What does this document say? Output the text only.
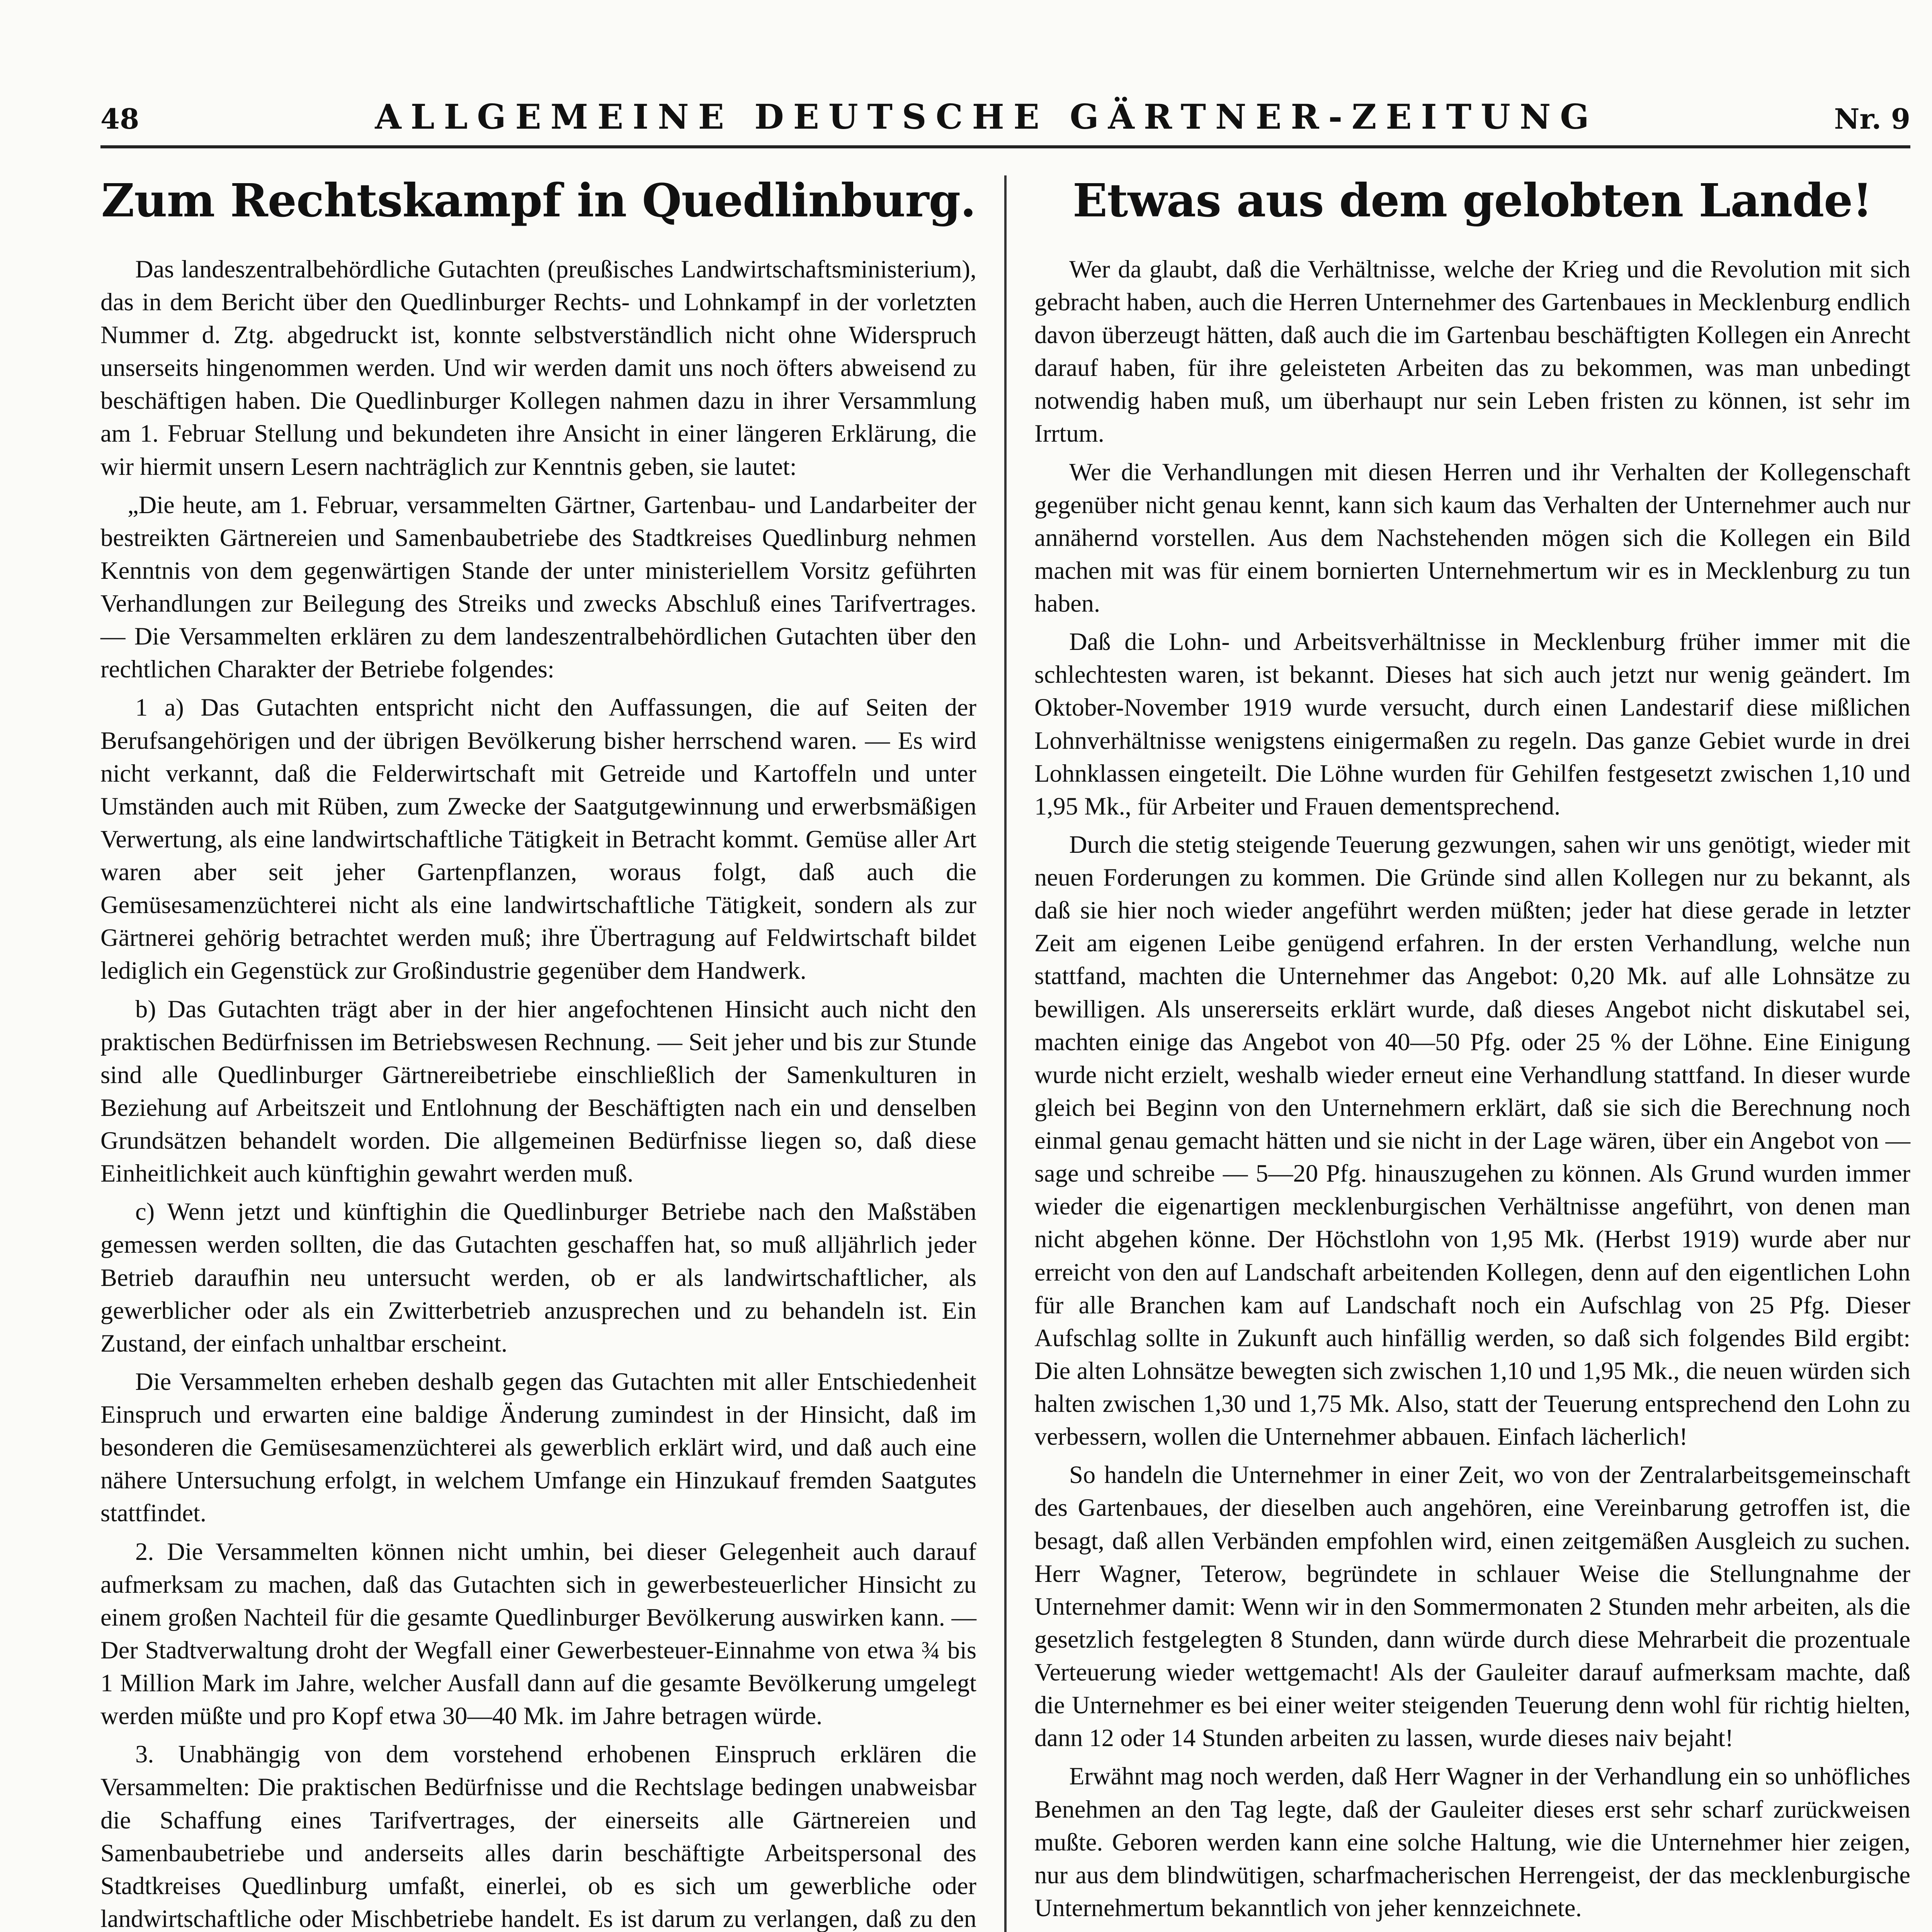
48	ALLGEMEINE DEUTSCHE GÄRTNER-ZEITUNG	Nr. 9
Zum Rechtskampf in Quedlinburg.

Das landeszentralbehördliche Gutachten (preußisches Landwirtschaftsministerium), das in dem Bericht über den Quedlinburger Rechts- und Lohnkampf in der vorletzten Nummer d. Ztg. abgedruckt ist, konnte selbstverständlich nicht ohne Widerspruch unserseits hingenommen werden. Und wir werden damit uns noch öfters abweisend zu beschäftigen haben. Die Quedlinburger Kollegen nahmen dazu in ihrer Versammlung am 1. Februar Stellung und bekundeten ihre Ansicht in einer längeren Erklärung, die wir hiermit unsern Lesern nachträglich zur Kenntnis geben, sie lautet:

„Die heute, am 1. Februar, versammelten Gärtner, Gartenbau- und Landarbeiter der bestreikten Gärtnereien und Samenbaubetriebe des Stadtkreises Quedlinburg nehmen Kenntnis von dem gegenwärtigen Stande der unter ministeriellem Vorsitz geführten Verhandlungen zur Beilegung des Streiks und zwecks Abschluß eines Tarifvertrages. — Die Versammelten erklären zu dem landeszentralbehördlichen Gutachten über den rechtlichen Charakter der Betriebe folgendes:

1 a) Das Gutachten entspricht nicht den Auffassungen, die auf Seiten der Berufsangehörigen und der übrigen Bevölkerung bisher herrschend waren. — Es wird nicht verkannt, daß die Felderwirtschaft mit Getreide und Kartoffeln und unter Umständen auch mit Rüben, zum Zwecke der Saatgutgewinnung und erwerbsmäßigen Verwertung, als eine landwirtschaftliche Tätigkeit in Betracht kommt. Gemüse aller Art waren aber seit jeher Gartenpflanzen, woraus folgt, daß auch die Gemüsesamenzüchterei nicht als eine landwirtschaftliche Tätigkeit, sondern als zur Gärtnerei gehörig betrachtet werden muß; ihre Übertragung auf Feldwirtschaft bildet lediglich ein Gegenstück zur Großindustrie gegenüber dem Handwerk.

b) Das Gutachten trägt aber in der hier angefochtenen Hinsicht auch nicht den praktischen Bedürfnissen im Betriebswesen Rechnung. — Seit jeher und bis zur Stunde sind alle Quedlinburger Gärtnereibetriebe einschließlich der Samenkulturen in Beziehung auf Arbeitszeit und Entlohnung der Beschäftigten nach ein und denselben Grundsätzen behandelt worden. Die allgemeinen Bedürfnisse liegen so, daß diese Einheitlichkeit auch künftighin gewahrt werden muß.

c) Wenn jetzt und künftighin die Quedlinburger Betriebe nach den Maßstäben gemessen werden sollten, die das Gutachten geschaffen hat, so muß alljährlich jeder Betrieb daraufhin neu untersucht werden, ob er als landwirtschaftlicher, als gewerblicher oder als ein Zwitterbetrieb anzusprechen und zu behandeln ist. Ein Zustand, der einfach unhaltbar erscheint.

Die Versammelten erheben deshalb gegen das Gutachten mit aller Entschiedenheit Einspruch und erwarten eine baldige Änderung zumindest in der Hinsicht, daß im besonderen die Gemüsesamenzüchterei als gewerblich erklärt wird, und daß auch eine nähere Untersuchung erfolgt, in welchem Umfange ein Hinzukauf fremden Saatgutes stattfindet.

2. Die Versammelten können nicht umhin, bei dieser Gelegenheit auch darauf aufmerksam zu machen, daß das Gutachten sich in gewerbesteuerlicher Hinsicht zu einem großen Nachteil für die gesamte Quedlinburger Bevölkerung auswirken kann. — Der Stadtverwaltung droht der Wegfall einer Gewerbesteuer-Einnahme von etwa ¾ bis 1 Million Mark im Jahre, welcher Ausfall dann auf die gesamte Bevölkerung umgelegt werden müßte und pro Kopf etwa 30—40 Mk. im Jahre betragen würde.

3. Unabhängig von dem vorstehend erhobenen Einspruch erklären die Versammelten: Die praktischen Bedürfnisse und die Rechtslage bedingen unabweisbar die Schaffung eines Tarifvertrages, der einerseits alle Gärtnereien und Samenbaubetriebe und anderseits alles darin beschäftigte Arbeitspersonal des Stadtkreises Quedlinburg umfaßt, einerlei, ob es sich um gewerbliche oder landwirtschaftliche oder Mischbetriebe handelt. Es ist darum zu verlangen, daß zu den

Etwas aus dem gelobten Lande!

Wer da glaubt, daß die Verhältnisse, welche der Krieg und die Revolution mit sich gebracht haben, auch die Herren Unternehmer des Gartenbaues in Mecklenburg endlich davon überzeugt hätten, daß auch die im Gartenbau beschäftigten Kollegen ein Anrecht darauf haben, für ihre geleisteten Arbeiten das zu bekommen, was man unbedingt notwendig haben muß, um überhaupt nur sein Leben fristen zu können, ist sehr im Irrtum.

Wer die Verhandlungen mit diesen Herren und ihr Verhalten der Kollegenschaft gegenüber nicht genau kennt, kann sich kaum das Verhalten der Unternehmer auch nur annähernd vorstellen. Aus dem Nachstehenden mögen sich die Kollegen ein Bild machen mit was für einem bornierten Unternehmertum wir es in Mecklenburg zu tun haben.

Daß die Lohn- und Arbeitsverhältnisse in Mecklenburg früher immer mit die schlechtesten waren, ist bekannt. Dieses hat sich auch jetzt nur wenig geändert. Im Oktober-November 1919 wurde versucht, durch einen Landestarif diese mißlichen Lohnverhältnisse wenigstens einigermaßen zu regeln. Das ganze Gebiet wurde in drei Lohnklassen eingeteilt. Die Löhne wurden für Gehilfen festgesetzt zwischen 1,10 und 1,95 Mk., für Arbeiter und Frauen dementsprechend.

Durch die stetig steigende Teuerung gezwungen, sahen wir uns genötigt, wieder mit neuen Forderungen zu kommen. Die Gründe sind allen Kollegen nur zu bekannt, als daß sie hier noch wieder angeführt werden müßten; jeder hat diese gerade in letzter Zeit am eigenen Leibe genügend erfahren. In der ersten Verhandlung, welche nun stattfand, machten die Unternehmer das Angebot: 0,20 Mk. auf alle Lohnsätze zu bewilligen. Als unsererseits erklärt wurde, daß dieses Angebot nicht diskutabel sei, machten einige das Angebot von 40—50 Pfg. oder 25 % der Löhne. Eine Einigung wurde nicht erzielt, weshalb wieder erneut eine Verhandlung stattfand. In dieser wurde gleich bei Beginn von den Unternehmern erklärt, daß sie sich die Berechnung noch einmal genau gemacht hätten und sie nicht in der Lage wären, über ein Angebot von — sage und schreibe — 5—20 Pfg. hinauszugehen zu können. Als Grund wurden immer wieder die eigenartigen mecklenburgischen Verhältnisse angeführt, von denen man nicht abgehen könne. Der Höchstlohn von 1,95 Mk. (Herbst 1919) wurde aber nur erreicht von den auf Landschaft arbeitenden Kollegen, denn auf den eigentlichen Lohn für alle Branchen kam auf Landschaft noch ein Aufschlag von 25 Pfg. Dieser Aufschlag sollte in Zukunft auch hinfällig werden, so daß sich folgendes Bild ergibt: Die alten Lohnsätze bewegten sich zwischen 1,10 und 1,95 Mk., die neuen würden sich halten zwischen 1,30 und 1,75 Mk. Also, statt der Teuerung entsprechend den Lohn zu verbessern, wollen die Unternehmer abbauen. Einfach lächerlich!

So handeln die Unternehmer in einer Zeit, wo von der Zentralarbeitsgemeinschaft des Gartenbaues, der dieselben auch angehören, eine Vereinbarung getroffen ist, die besagt, daß allen Verbänden empfohlen wird, einen zeitgemäßen Ausgleich zu suchen. Herr Wagner, Teterow, begründete in schlauer Weise die Stellungnahme der Unternehmer damit: Wenn wir in den Sommermonaten 2 Stunden mehr arbeiten, als die gesetzlich festgelegten 8 Stunden, dann würde durch diese Mehrarbeit die prozentuale Verteuerung wieder wettgemacht! Als der Gauleiter darauf aufmerksam machte, daß die Unternehmer es bei einer weiter steigenden Teuerung denn wohl für richtig hielten, dann 12 oder 14 Stunden arbeiten zu lassen, wurde dieses naiv bejaht!

Erwähnt mag noch werden, daß Herr Wagner in der Verhandlung ein so unhöfliches Benehmen an den Tag legte, daß der Gauleiter dieses erst sehr scharf zurückweisen mußte. Geboren werden kann eine solche Haltung, wie die Unternehmer hier zeigen, nur aus dem blindwütigen, scharfmacherischen Herrengeist, der das mecklenburgische Unternehmertum bekanntlich von jeher kennzeichnete.
